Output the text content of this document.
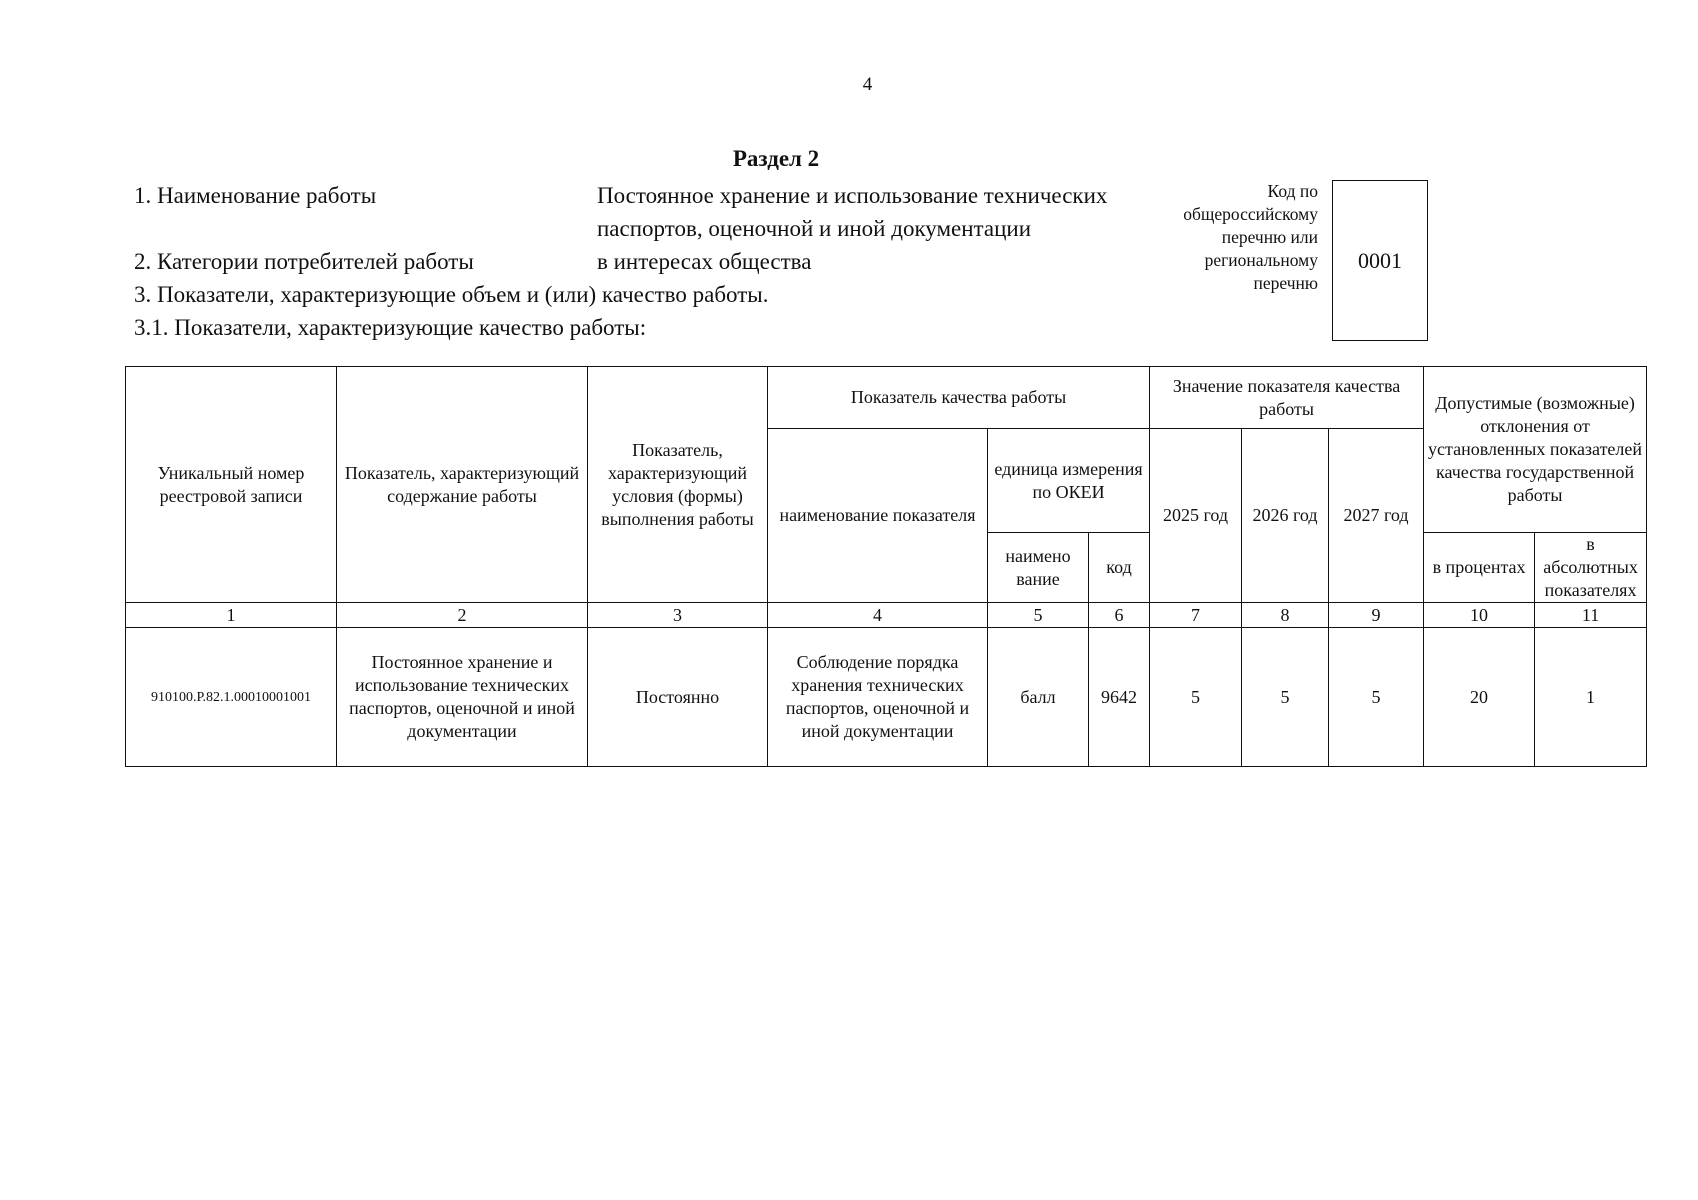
4
Раздел 2
1. Наименование работы	Постоянное хранение и использование технических
паспортов, оценочной и иной документации
2. Категории потребителей работы	в интересах общества
3. Показатели, характеризующие объем и (или) качество работы.
3.1. Показатели, характеризующие качество работы:
Код по
общероссийскому
перечню или
региональному
перечню
0001
Уникальный номер реестровой записи	Показатель, характеризующий содержание работы	Показатель, характеризующий условия (формы) выполнения работы	Показатель качества работы			Значение показателя качества работы			Допустимые (возможные) отклонения от установленных показателей качества государственной работы	
			наименование показателя	единица измерения по ОКЕИ		2025 год	2026 год	2027 год		
				наимено вание	код				в процентах	в абсолютных показателях
1	2	3	4	5	6	7	8	9	10	11
910100.Р.82.1.00010001001	Постоянное хранение и использование технических паспортов, оценочной и иной документации	Постоянно	Соблюдение порядка хранения технических паспортов, оценочной и иной документации	балл	9642	5	5	5	20	1
